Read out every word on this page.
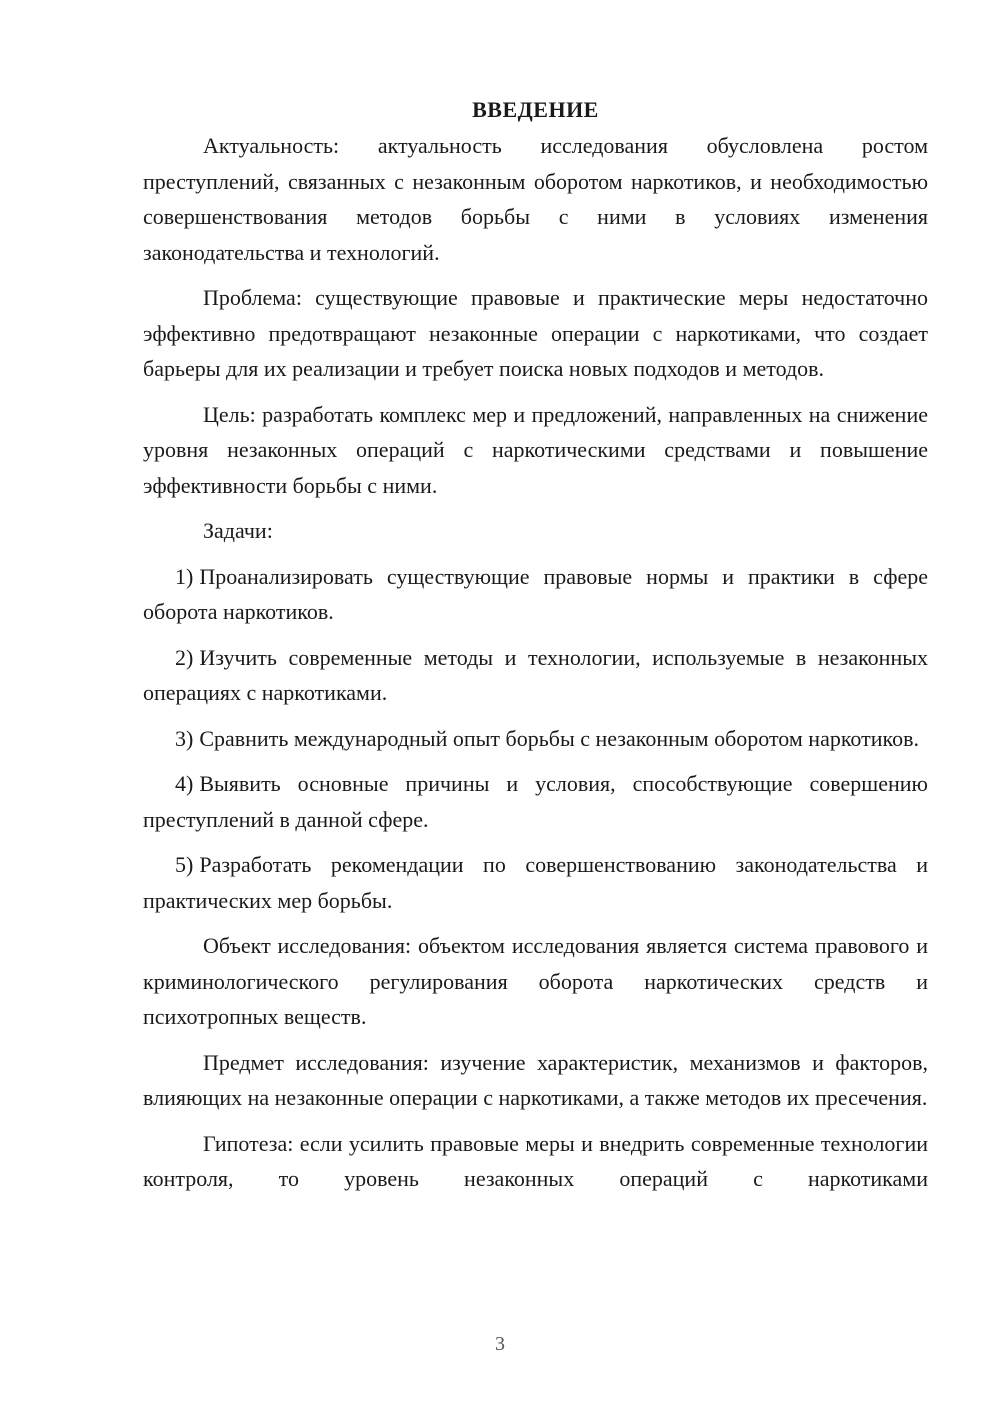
ВВЕДЕНИЕ

Актуальность: актуальность исследования обусловлена ростом преступлений, связанных с незаконным оборотом наркотиков, и необходимостью совершенствования методов борьбы с ними в условиях изменения законодательства и технологий.

Проблема: существующие правовые и практические меры недостаточно эффективно предотвращают незаконные операции с наркотиками, что создает барьеры для их реализации и требует поиска новых подходов и методов.

Цель: разработать комплекс мер и предложений, направленных на снижение уровня незаконных операций с наркотическими средствами и повышение эффективности борьбы с ними.

Задачи:

1) Проанализировать существующие правовые нормы и практики в сфере оборота наркотиков.

2) Изучить современные методы и технологии, используемые в незаконных операциях с наркотиками.

3) Сравнить международный опыт борьбы с незаконным оборотом наркотиков.

4) Выявить основные причины и условия, способствующие совершению преступлений в данной сфере.

5) Разработать рекомендации по совершенствованию законодательства и практических мер борьбы.

Объект исследования: объектом исследования является система правового и криминологического регулирования оборота наркотических средств и психотропных веществ.

Предмет исследования: изучение характеристик, механизмов и факторов, влияющих на незаконные операции с наркотиками, а также методов их пресечения.

Гипотеза: если усилить правовые меры и внедрить современные технологии контроля, то уровень незаконных операций с наркотиками

3
